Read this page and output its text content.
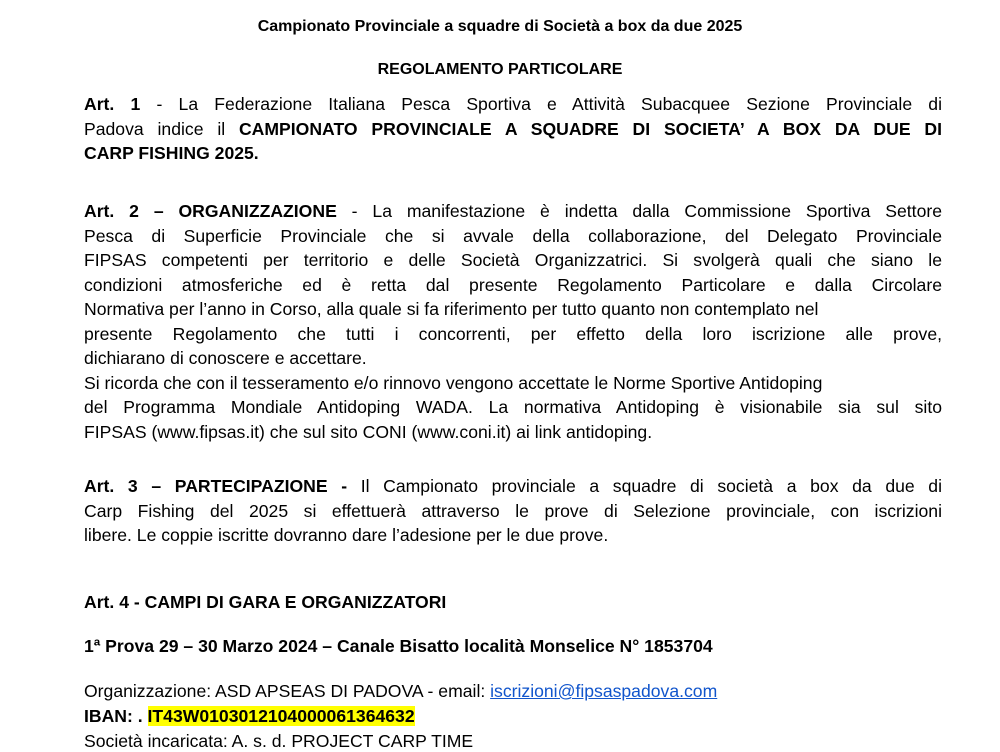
Campionato Provinciale a squadre di Società a box da due 2025
REGOLAMENTO PARTICOLARE
Art. 1 - La Federazione Italiana Pesca Sportiva e Attività Subacquee Sezione Provinciale di
Padova indice il CAMPIONATO PROVINCIALE A SQUADRE DI SOCIETA’ A BOX DA DUE DI
CARP FISHING 2025.
Art. 2 – ORGANIZZAZIONE - La manifestazione è indetta dalla Commissione Sportiva Settore
Pesca di Superficie Provinciale che si avvale della collaborazione, del Delegato Provinciale
FIPSAS competenti per territorio e delle Società Organizzatrici. Si svolgerà quali che siano le
condizioni atmosferiche ed è retta dal presente Regolamento Particolare e dalla Circolare
Normativa per l’anno in Corso, alla quale si fa riferimento per tutto quanto non contemplato nel
presente Regolamento che tutti i concorrenti, per effetto della loro iscrizione alle prove,
dichiarano di conoscere e accettare.
Si ricorda che con il tesseramento e/o rinnovo vengono accettate le Norme Sportive Antidoping
del Programma Mondiale Antidoping WADA. La normativa Antidoping è visionabile sia sul sito
FIPSAS (www.fipsas.it) che sul sito CONI (www.coni.it) ai link antidoping.
Art. 3 – PARTECIPAZIONE - Il Campionato provinciale a squadre di società a box da due di
Carp Fishing del 2025 si effettuerà attraverso le prove di Selezione provinciale, con iscrizioni
libere. Le coppie iscritte dovranno dare l’adesione per le due prove.
Art. 4 - CAMPI DI GARA E ORGANIZZATORI
1ª Prova 29 – 30 Marzo 2024 – Canale Bisatto località Monselice N° 1853704
Organizzazione: ASD APSEAS DI PADOVA - email: iscrizioni@fipsaspadova.com
IBAN: . IT43W0103012104000061364632
Società incaricata: A. s. d. PROJECT CARP TIME
